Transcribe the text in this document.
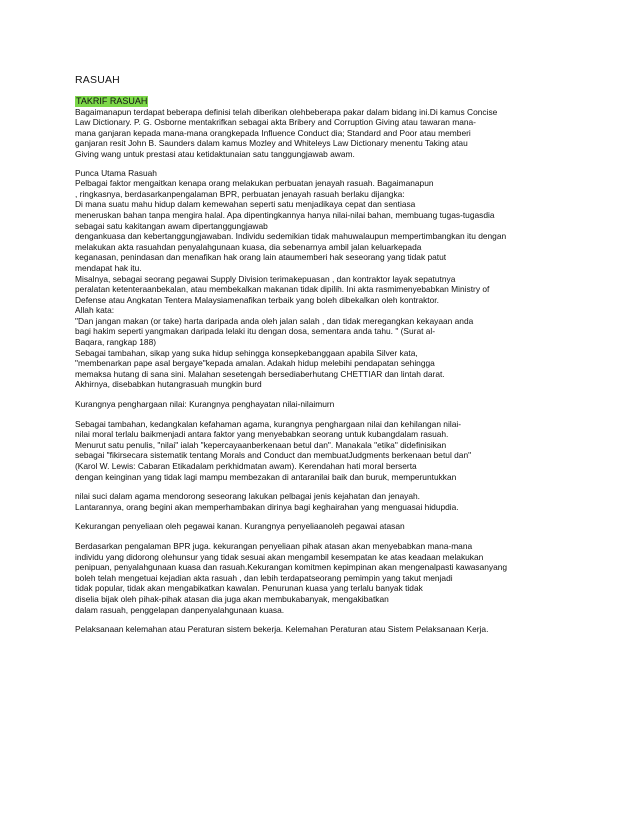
RASUAH
TAKRIF RASUAH
Bagaimanapun terdapat beberapa definisi telah diberikan olehbeberapa pakar dalam bidang ini.Di kamus Concise
Law Dictionary. P. G. Osborne mentakrifkan sebagai akta Bribery and Corruption Giving atau tawaran mana-
mana ganjaran kepada mana-mana orangkepada Influence Conduct dia; Standard and Poor atau memberi
ganjaran resit John B. Saunders dalam kamus Mozley and Whiteleys Law Dictionary menentu Taking atau
Giving wang untuk prestasi atau ketidaktunaian satu tanggungjawab awam.
Punca Utama Rasuah
Pelbagai faktor mengaitkan kenapa orang melakukan perbuatan jenayah rasuah. Bagaimanapun
, ringkasnya, berdasarkanpengalaman BPR, perbuatan jenayah rasuah berlaku dijangka:
Di mana suatu mahu hidup dalam kemewahan seperti satu menjadikaya cepat dan sentiasa
meneruskan bahan tanpa mengira halal. Apa dipentingkannya hanya nilai-nilai bahan, membuang tugas-tugasdia
sebagai satu kakitangan awam dipertanggungjawab
dengankuasa dan kebertanggungjawaban. Individu sedemikian tidak mahuwalaupun mempertimbangkan itu dengan
melakukan akta rasuahdan penyalahgunaan kuasa, dia sebenarnya ambil jalan keluarkepada
keganasan, penindasan dan menafikan hak orang lain ataumemberi hak seseorang yang tidak patut
mendapat hak itu.
Misalnya, sebagai seorang pegawai Supply Division terimakepuasan , dan kontraktor layak sepatutnya
peralatan ketenteraanbekalan, atau membekalkan makanan tidak dipilih. Ini akta rasmimenyebabkan Ministry of
Defense atau Angkatan Tentera Malaysiamenafikan terbaik yang boleh dibekalkan oleh kontraktor.
Allah kata:
"Dan jangan makan (or take) harta daripada anda oleh jalan salah , dan tidak meregangkan kekayaan anda
bagi hakim seperti yangmakan daripada lelaki itu dengan dosa, sementara anda tahu. " (Surat al-
Baqara, rangkap 188)
Sebagai tambahan, sikap yang suka hidup sehingga konsepkebanggaan apabila Silver kata,
"membenarkan pape asal bergaye"kepada amalan. Adakah hidup melebihi pendapatan sehingga
memaksa hutang di sana sini. Malahan sesetengah bersediaberhutang CHETTIAR dan lintah darat.
Akhirnya, disebabkan hutangrasuah mungkin burd
Kurangnya penghargaan nilai: Kurangnya penghayatan nilai-nilaimurn
Sebagai tambahan, kedangkalan kefahaman agama, kurangnya penghargaan nilai dan kehilangan nilai-
nilai moral terlalu baikmenjadi antara faktor yang menyebabkan seorang untuk kubangdalam rasuah.
Menurut satu penulis, "nilai" ialah "kepercayaanberkenaan betul dan". Manakala "etika" didefinisikan
sebagai "fikirsecara sistematik tentang Morals and Conduct dan membuatJudgments berkenaan betul dan"
(Karol W. Lewis: Cabaran Etikadalam perkhidmatan awam). Kerendahan hati moral berserta
dengan keinginan yang tidak lagi mampu membezakan di antaranilai baik dan buruk, memperuntukkan
nilai suci dalam agama mendorong seseorang lakukan pelbagai jenis kejahatan dan jenayah.
Lantarannya, orang begini akan memperhambakan dirinya bagi keghairahan yang menguasai hidupdia.
Kekurangan penyeliaan oleh pegawai kanan. Kurangnya penyeliaanoleh pegawai atasan
Berdasarkan pengalaman BPR juga. kekurangan penyeliaan pihak atasan akan menyebabkan mana-mana
individu yang didorong olehunsur yang tidak sesuai akan mengambil kesempatan ke atas keadaan melakukan
penipuan, penyalahgunaan kuasa dan rasuah.Kekurangan komitmen kepimpinan akan mengenalpasti kawasanyang
boleh telah mengetuai kejadian akta rasuah , dan lebih terdapatseorang pemimpin yang takut menjadi
tidak popular, tidak akan mengabikatkan kawalan. Penurunan kuasa yang terlalu banyak tidak
diselia bijak oleh pihak-pihak atasan dia juga akan membukabanyak, mengakibatkan
dalam rasuah, penggelapan danpenyalahgunaan kuasa.
Pelaksanaan kelemahan atau Peraturan sistem bekerja. Kelemahan Peraturan atau Sistem Pelaksanaan Kerja.
